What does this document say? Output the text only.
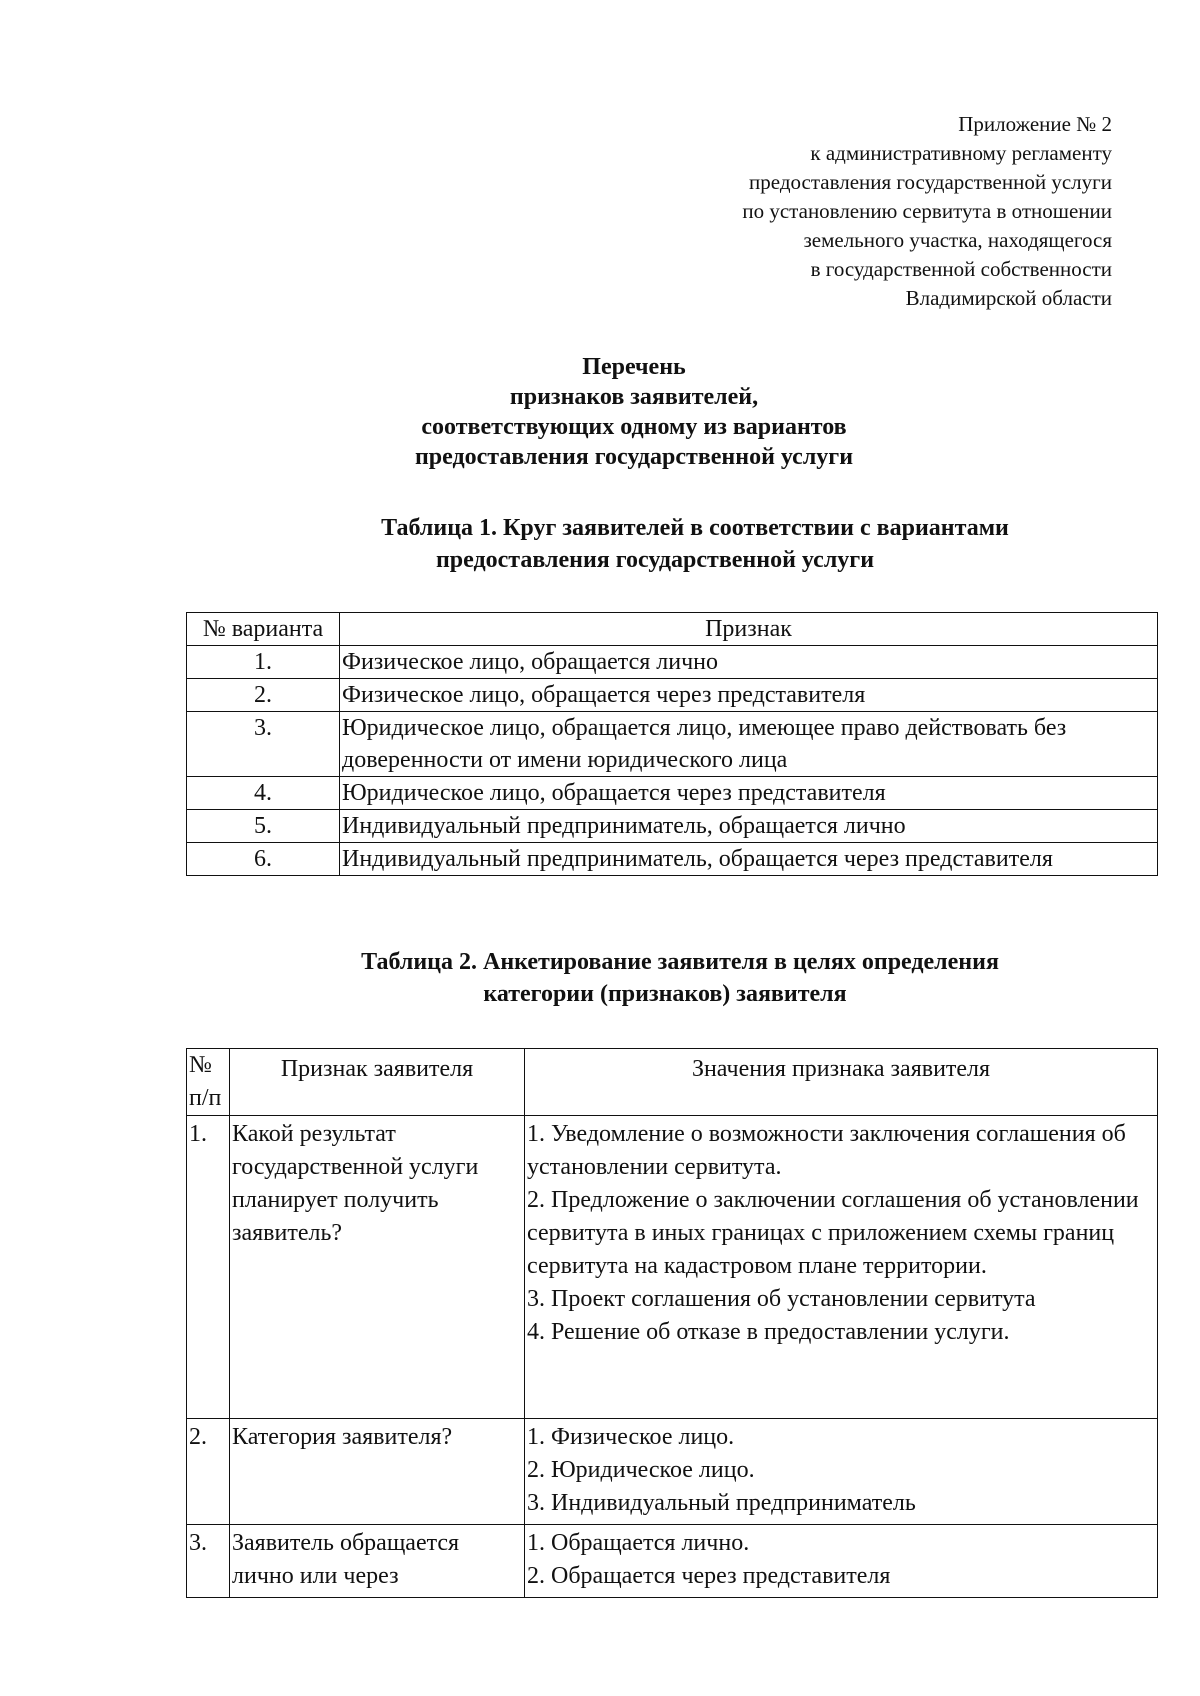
Приложение № 2
к административному регламенту
предоставления государственной услуги
по установлению сервитута в отношении
земельного участка, находящегося
в государственной собственности
Владимирской области
Перечень
признаков заявителей,
соответствующих одному из вариантов
предоставления государственной услуги
Таблица 1. Круг заявителей в соответствии с вариантами
предоставления государственной услуги
№ варианта	Признак
1.	Физическое лицо, обращается лично
2.	Физическое лицо, обращается через представителя
3.	Юридическое лицо, обращается лицо, имеющее право действовать без доверенности от имени юридического лица
4.	Юридическое лицо, обращается через представителя
5.	Индивидуальный предприниматель, обращается лично
6.	Индивидуальный предприниматель, обращается через представителя
Таблица 2. Анкетирование заявителя в целях определения
категории (признаков) заявителя
№ п/п	Признак заявителя	Значения признака заявителя
1.	Какой результат государственной услуги планирует получить заявитель?	1. Уведомление о возможности заключения соглашения об установлении сервитута.
2. Предложение о заключении соглашения об установлении сервитута в иных границах с приложением схемы границ сервитута на кадастровом плане территории.
3. Проект соглашения об установлении сервитута
4. Решение об отказе в предоставлении услуги.

2.	Категория заявителя?	1. Физическое лицо.
2. Юридическое лицо.
3. Индивидуальный предприниматель

3.	Заявитель обращается лично или через	1. Обращается лично.
2. Обращается через представителя
